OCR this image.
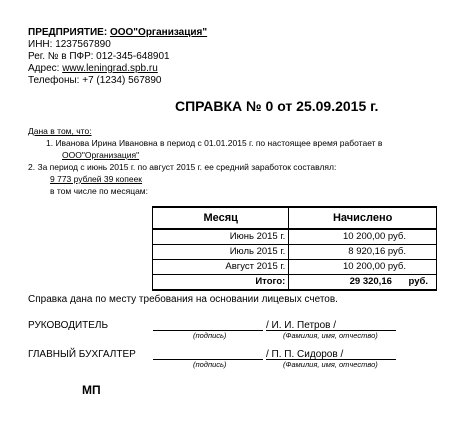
ПРЕДПРИЯТИЕ: ООО"Организация"
ИНН: 1237567890
Рег. № в ПФР: 012-345-648901
Адрес: www.leningrad.spb.ru
Телефоны: +7 (1234) 567890
СПРАВКА № 0 от 25.09.2015 г.
Дана в том, что:
1. Иванова Ирина Ивановна в период с 01.01.2015 г. по настоящее время работает в
ООО"Организация"
2. За период с июнь 2015 г. по август 2015 г. ее средний заработок составлял:
9 773 рублей 39 копеек
в том числе по месяцам:
Месяц	Начислено
Июнь 2015 г.	10 200,00 руб.
Июль 2015 г.	8 920,16 руб.
Август 2015 г.	10 200,00 руб.
Итого:	29 320,16 руб.
Справка дана по месту требования на основании лицевых счетов.
РУКОВОДИТЕЛЬ	/ И. И. Петров /
(подпись)	(Фамилия, имя, отчество)
ГЛАВНЫЙ БУХГАЛТЕР	/ П. П. Сидоров /
(подпись)	(Фамилия, имя, отчество)
МП
